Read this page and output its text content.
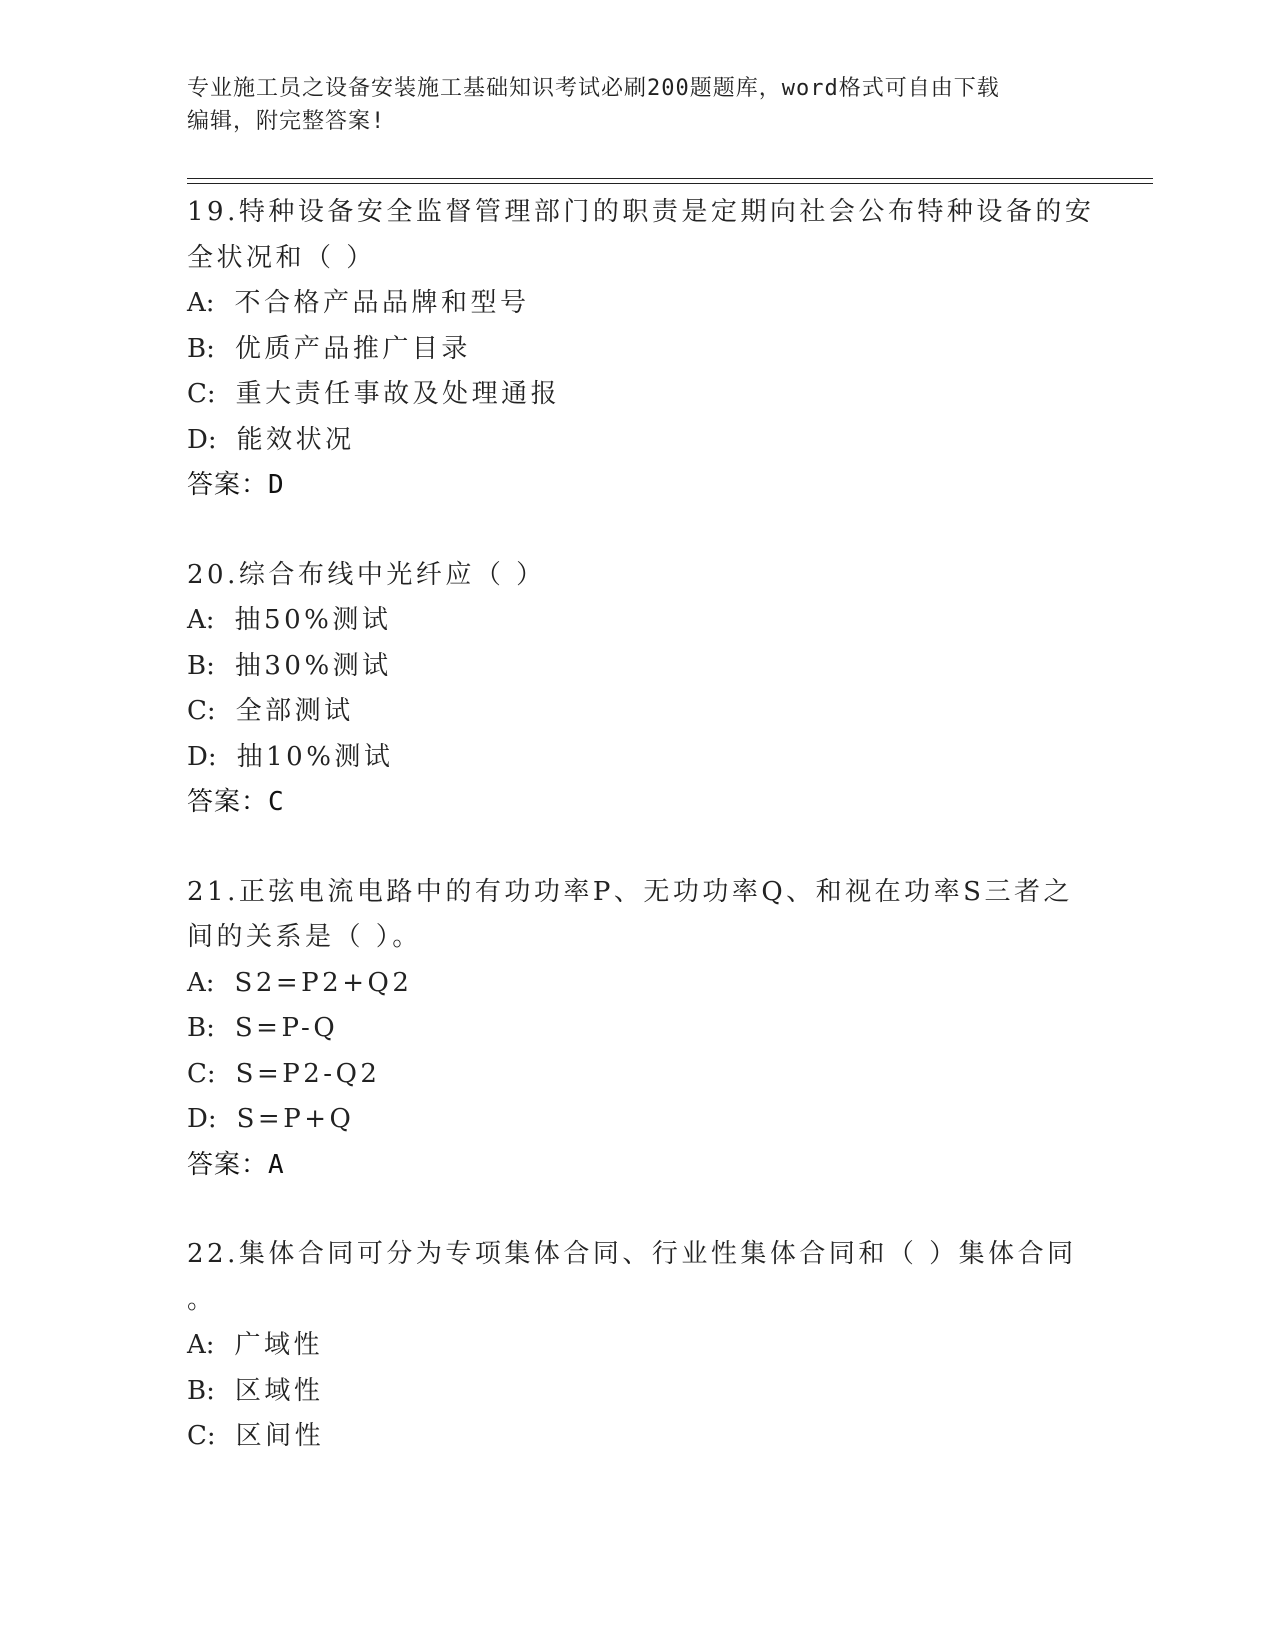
专业施工员之设备安装施工基础知识考试必刷200题题库，word格式可自由下载
编辑，附完整答案!
19.特种设备安全监督管理部门的职责是定期向社会公布特种设备的安
全状况和（ ）
A: 不合格产品品牌和型号
B: 优质产品推广目录
C: 重大责任事故及处理通报
D: 能效状况
答案：D
20.综合布线中光纤应（ ）
A: 抽50%测试
B: 抽30%测试
C: 全部测试
D: 抽10%测试
答案：C
21.正弦电流电路中的有功功率P、无功功率Q、和视在功率S三者之
间的关系是（ ）。
A: S2=P2+Q2
B: S=P-Q
C: S=P2-Q2
D: S=P+Q
答案：A
22.集体合同可分为专项集体合同、行业性集体合同和（ ）集体合同
。
A: 广域性
B: 区域性
C: 区间性
